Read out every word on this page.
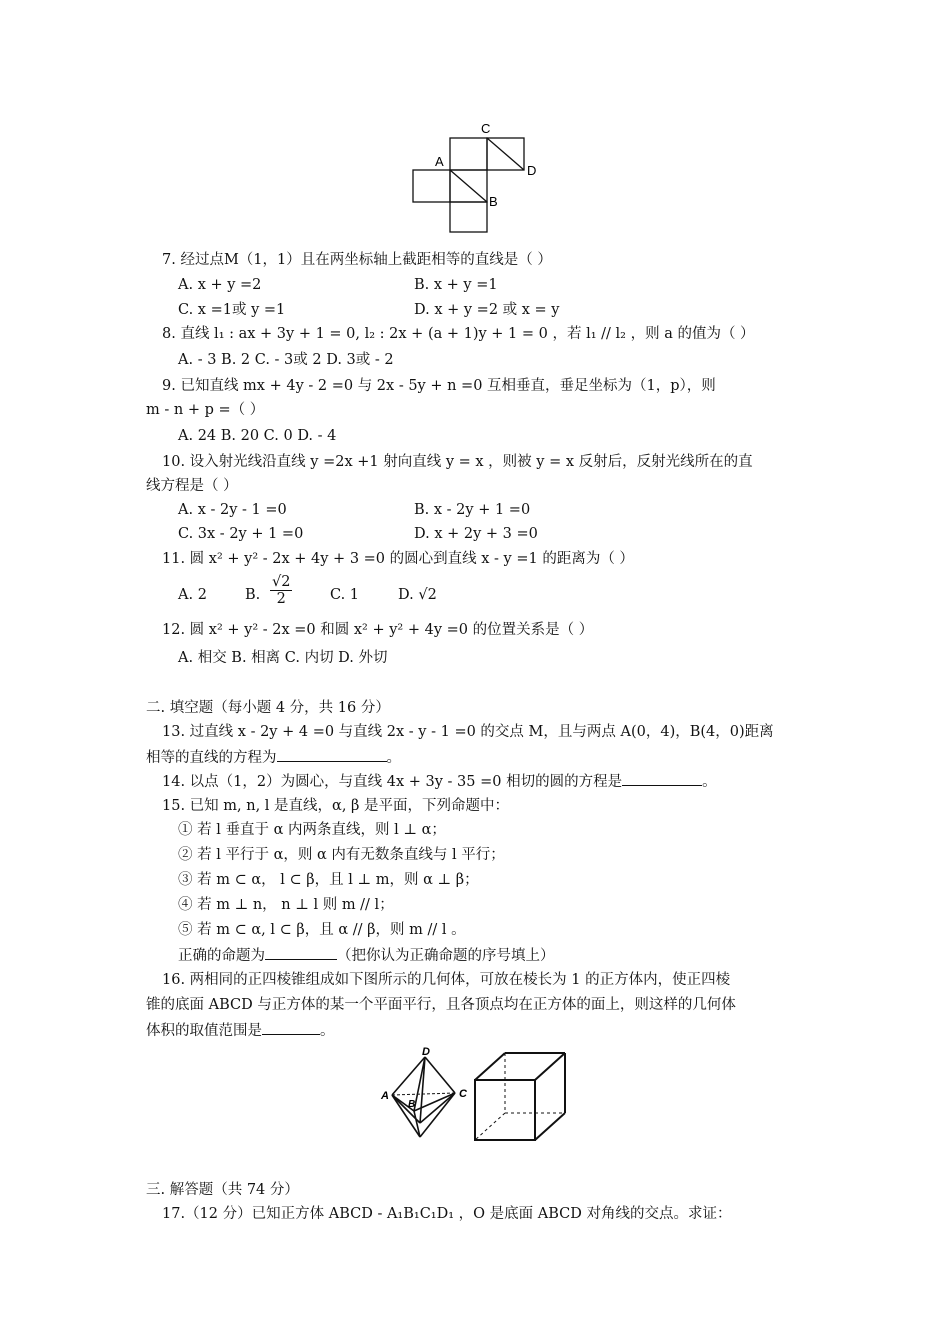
C
A
D
B
7. 经过点M（1，1）且在两坐标轴上截距相等的直线是（ ）
A. x + y =2	B. x + y =1
C. x =1或 y =1	D. x + y =2 或 x = y
8. 直线 l₁ : ax + 3y + 1 = 0, l₂ : 2x + (a + 1)y + 1 = 0 ，若 l₁ // l₂ ，则 a 的值为（ ）
A. - 3 B. 2 C. - 3或 2 D. 3或 - 2
9. 已知直线 mx + 4y - 2 =0 与 2x - 5y + n =0 互相垂直，垂足坐标为（1，p），则
m - n + p =（ ）
A. 24 B. 20 C. 0 D. - 4
10. 设入射光线沿直线 y =2x +1 射向直线 y = x ，则被 y = x 反射后，反射光线所在的直
线方程是（ ）
A. x - 2y - 1 =0	B. x - 2y + 1 =0
C. 3x - 2y + 1 =0	D. x + 2y + 3 =0
11. 圆 x² + y² - 2x + 4y + 3 =0 的圆心到直线 x - y =1 的距离为（ ）
A. 2	B. $\frac{√2}{2}$	C. 1	D. √2
12. 圆 x² + y² - 2x =0 和圆 x² + y² + 4y =0 的位置关系是（ ）
A. 相交 B. 相离 C. 内切 D. 外切
二. 填空题（每小题 4 分，共 16 分）
13. 过直线 x - 2y + 4 =0 与直线 2x - y - 1 =0 的交点 M，且与两点 A(0，4)，B(4，0)距离
相等的直线的方程为	。
14. 以点（1，2）为圆心，与直线 4x + 3y - 35 =0 相切的圆的方程是	。
15. 已知 m, n, l 是直线，α, β 是平面，下列命题中：
① 若 l 垂直于 α 内两条直线，则 l ⊥ α；
② 若 l 平行于 α，则 α 内有无数条直线与 l 平行；
③ 若 m ⊂ α， l ⊂ β，且 l ⊥ m，则 α ⊥ β；
④ 若 m ⊥ n， n ⊥ l 则 m // l；
⑤ 若 m ⊂ α, l ⊂ β，且 α // β，则 m // l 。
正确的命题为	（把你认为正确命题的序号填上）
16. 两相同的正四棱锥组成如下图所示的几何体，可放在棱长为 1 的正方体内，使正四棱
锥的底面 ABCD 与正方体的某一个平面平行，且各顶点均在正方体的面上，则这样的几何体
体积的取值范围是	。
D
A
B
C
三. 解答题（共 74 分）
17.（12 分）已知正方体 ABCD - A₁B₁C₁D₁ ，O 是底面 ABCD 对角线的交点。求证：
